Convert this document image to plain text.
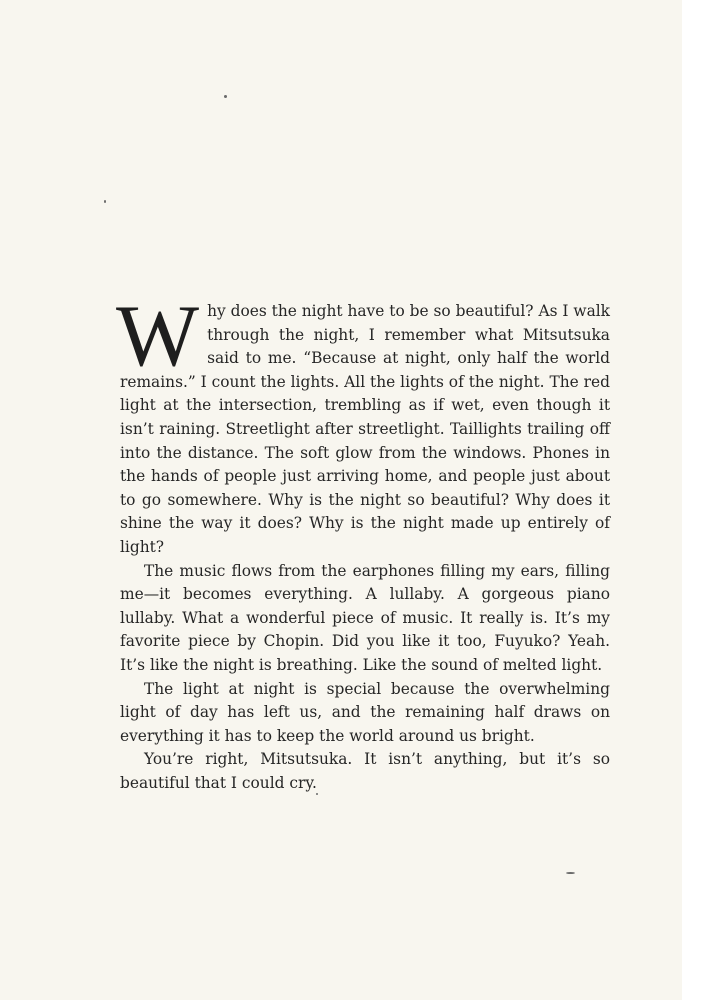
Why does the night have to be so beautiful? As I walk through the night, I remember what Mitsutsuka said to me. “Because at night, only half the world remains.” I count the lights. All the lights of the night. The red light at the intersection, trembling as if wet, even though it isn’t raining. Streetlight after streetlight. Taillights trailing off into the distance. The soft glow from the windows. Phones in the hands of people just arriving home, and people just about to go somewhere. Why is the night so beautiful? Why does it shine the way it does? Why is the night made up entirely of light?

The music flows from the earphones filling my ears, filling me—it becomes everything. A lullaby. A gorgeous piano lullaby. What a wonderful piece of music. It really is. It’s my favorite piece by Chopin. Did you like it too, Fuyuko? Yeah. It’s like the night is breathing. Like the sound of melted light.

The light at night is special because the overwhelming light of day has left us, and the remaining half draws on everything it has to keep the world around us bright.

You’re right, Mitsutsuka. It isn’t anything, but it’s so beautiful that I could cry.
